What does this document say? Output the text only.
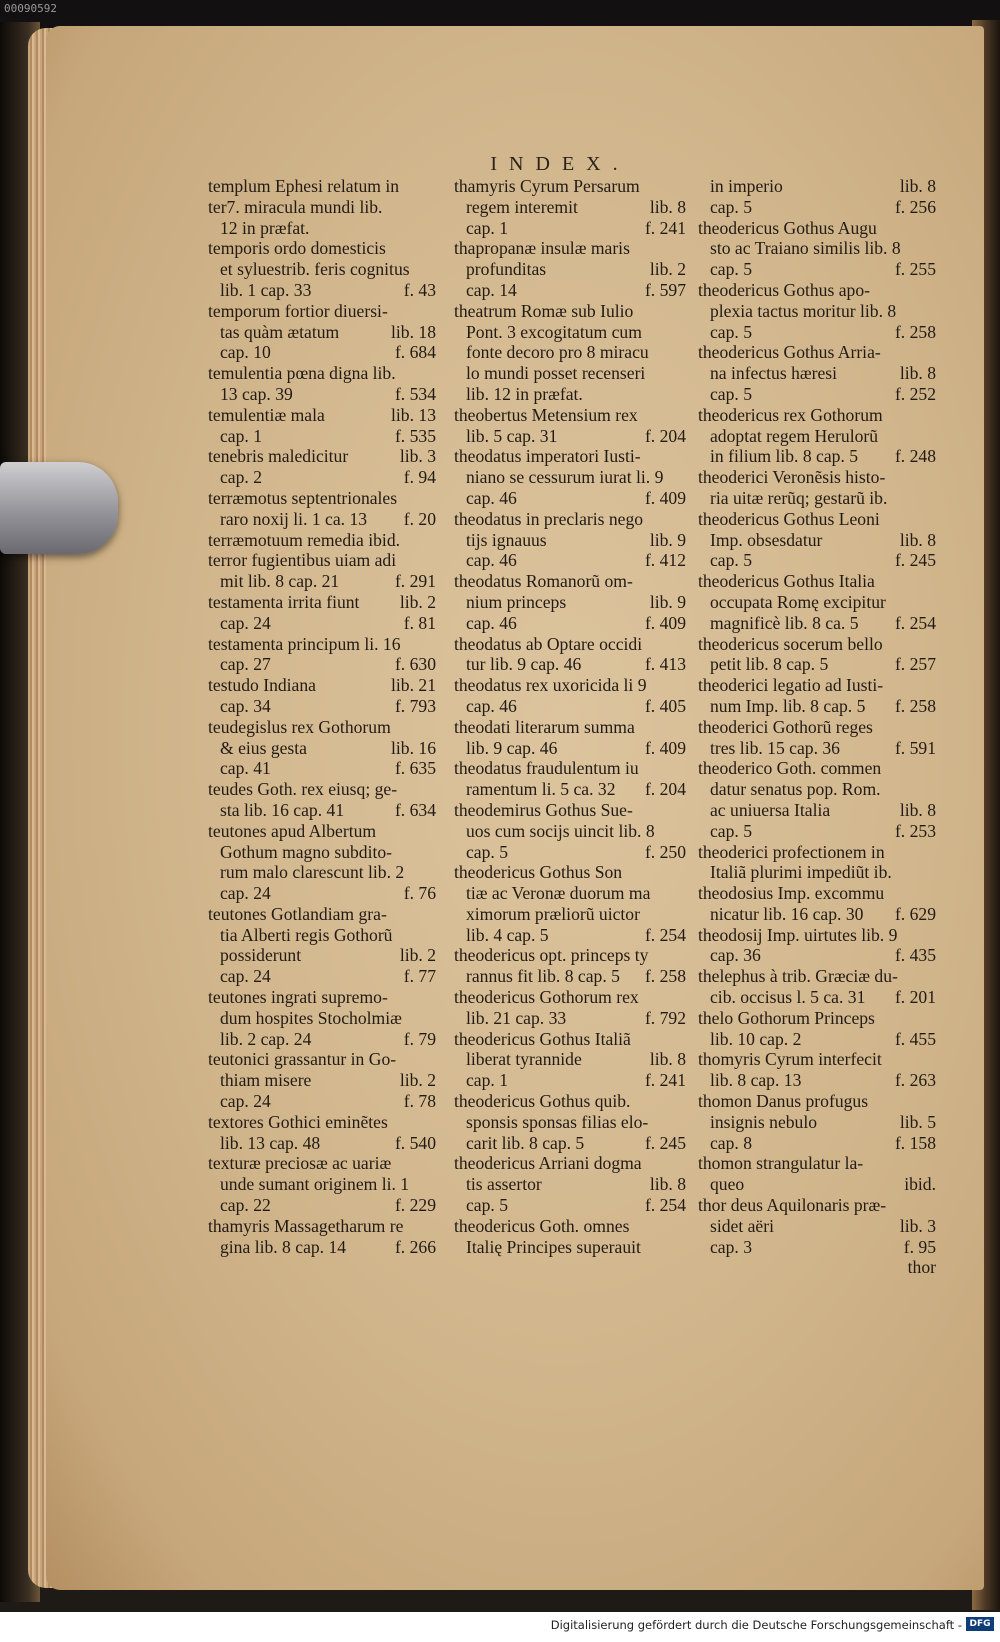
00090592
INDEX.
templum Ephesi relatum in
ter7. miracula mundi lib.
12 in præfat.
temporis ordo domesticis
et syluestrib. feris cognitus
lib. 1 cap. 33	f. 43
temporum fortior diuersi-
tas quàm ætatum	lib. 18
cap. 10	f. 684
temulentia pœna digna lib.
13 cap. 39	f. 534
temulentiæ mala	lib. 13
cap. 1	f. 535
tenebris maledicitur	lib. 3
cap. 2	f. 94
terræmotus septentrionales
raro noxij li. 1 ca. 13 f. 20
terræmotuum remedia ibid.
terror fugientibus uiam adi
mit lib. 8 cap. 21	f. 291
testamenta irrita fiunt lib. 2
cap. 24	f. 81
testamenta principum li. 16
cap. 27	f. 630
testudo Indiana	lib. 21
cap. 34	f. 793
teudegislus rex Gothorum
& eius gesta	lib. 16
cap. 41	f. 635
teudes Goth. rex eiusq; ge-
sta lib. 16 cap. 41	f. 634
teutones apud Albertum
Gothum magno subdito-
rum malo clarescunt lib. 2
cap. 24	f. 76
teutones Gotlandiam gra-
tia Alberti regis Gothorũ
possiderunt	lib. 2
cap. 24	f. 77
teutones ingrati supremo-
dum hospites Stocholmiæ
lib. 2 cap. 24	f. 79
teutonici grassantur in Go-
thiam misere	lib. 2
cap. 24	f. 78
textores Gothici eminẽtes
lib. 13 cap. 48	f. 540
texturæ preciosæ ac uariæ
unde sumant originem li. 1
cap. 22	f. 229
thamyris Massagetharum re
gina lib. 8 cap. 14	f. 266
thamyris Cyrum Persarum
regem interemit	lib. 8
cap. 1	f. 241
thapropanæ insulæ maris
profunditas	lib. 2
cap. 14	f. 597
theatrum Romæ sub Iulio
Pont. 3 excogitatum cum
fonte decoro pro 8 miracu
lo mundi posset recenseri
lib. 12 in præfat.
theobertus Metensium rex
lib. 5 cap. 31	f. 204
theodatus imperatori Iusti-
niano se cessurum iurat li. 9
cap. 46	f. 409
theodatus in preclaris nego
tijs ignauus	lib. 9
cap. 46	f. 412
theodatus Romanorũ om-
nium princeps	lib. 9
cap. 46	f. 409
theodatus ab Optare occidi
tur lib. 9 cap. 46	f. 413
theodatus rex uxoricida li 9
cap. 46	f. 405
theodati literarum summa
lib. 9 cap. 46	f. 409
theodatus fraudulentum iu
ramentum li. 5 ca. 32 f. 204
theodemirus Gothus Sue-
uos cum socijs uincit lib. 8
cap. 5	f. 250
theodericus Gothus Son
tiæ ac Veronæ duorum ma
ximorum præliorũ uictor
lib. 4 cap. 5	f. 254
theodericus opt. princeps ty
rannus fit lib. 8 cap. 5 f. 258
theodericus Gothorum rex
lib. 21 cap. 33	f. 792
theodericus Gothus Italiã
liberat tyrannide	lib. 8
cap. 1	f. 241
theodericus Gothus quib.
sponsis sponsas filias elo-
carit lib. 8 cap. 5	f. 245
theodericus Arriani dogma
tis assertor	lib. 8
cap. 5	f. 254
theodericus Goth. omnes
Italię Principes superauit
in imperio	lib. 8
cap. 5	f. 256
theodericus Gothus Augu
sto ac Traiano similis lib. 8
cap. 5	f. 255
theodericus Gothus apo-
plexia tactus moritur lib. 8
cap. 5	f. 258
theodericus Gothus Arria-
na infectus hæresi	lib. 8
cap. 5	f. 252
theodericus rex Gothorum
adoptat regem Herulorũ
in filium lib. 8 cap. 5 f. 248
theoderici Veronẽsis histo-
ria uitæ rerũq; gestarũ ib.
theodericus Gothus Leoni
Imp. obsesdatur	lib. 8
cap. 5	f. 245
theodericus Gothus Italia
occupata Romę excipitur
magnificè lib. 8 ca. 5 f. 254
theodericus socerum bello
petit lib. 8 cap. 5	f. 257
theoderici legatio ad Iusti-
num Imp. lib. 8 cap. 5 f. 258
theoderici Gothorũ reges
tres lib. 15 cap. 36	f. 591
theoderico Goth. commen
datur senatus pop. Rom.
ac uniuersa Italia	lib. 8
cap. 5	f. 253
theoderici profectionem in
Italiã plurimi impediũt ib.
theodosius Imp. excommu
nicatur lib. 16 cap. 30 f. 629
theodosij Imp. uirtutes lib. 9
cap. 36	f. 435
thelephus à trib. Græciæ du-
cib. occisus l. 5 ca. 31 f. 201
thelo Gothorum Princeps
lib. 10 cap. 2	f. 455
thomyris Cyrum interfecit
lib. 8 cap. 13	f. 263
thomon Danus profugus
insignis nebulo	lib. 5
cap. 8	f. 158
thomon strangulatur la-
queo	ibid.
thor deus Aquilonaris præ-
sidet aëri	lib. 3
cap. 3	f. 95
thor
Digitalisierung gefördert durch die Deutsche Forschungsgemeinschaft - DFG
